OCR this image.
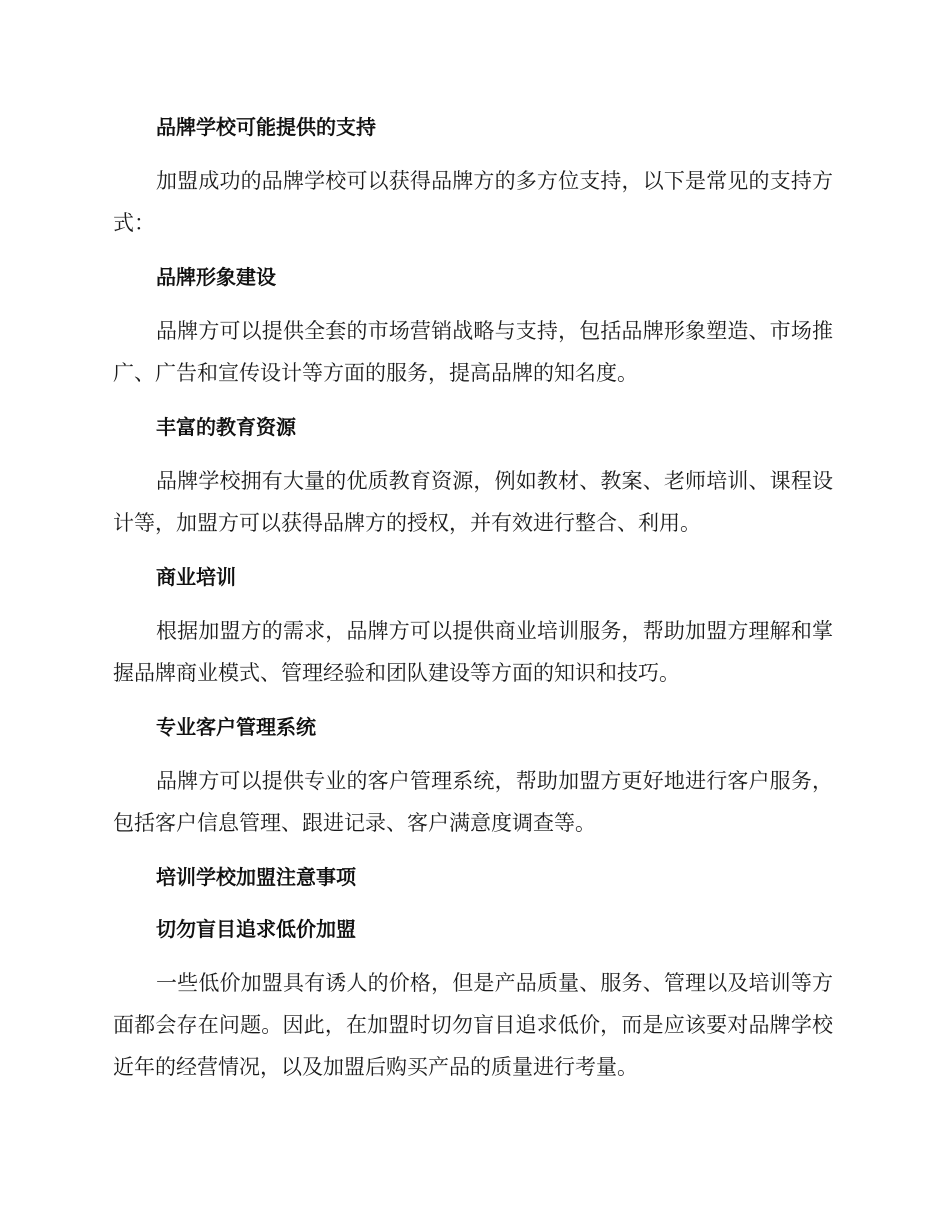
品牌学校可能提供的支持
加盟成功的品牌学校可以获得品牌方的多方位支持，以下是常见的支持方式：
品牌形象建设
品牌方可以提供全套的市场营销战略与支持，包括品牌形象塑造、市场推广、广告和宣传设计等方面的服务，提高品牌的知名度。
丰富的教育资源
品牌学校拥有大量的优质教育资源，例如教材、教案、老师培训、课程设计等，加盟方可以获得品牌方的授权，并有效进行整合、利用。
商业培训
根据加盟方的需求，品牌方可以提供商业培训服务，帮助加盟方理解和掌握品牌商业模式、管理经验和团队建设等方面的知识和技巧。
专业客户管理系统
品牌方可以提供专业的客户管理系统，帮助加盟方更好地进行客户服务，包括客户信息管理、跟进记录、客户满意度调查等。
培训学校加盟注意事项
切勿盲目追求低价加盟
一些低价加盟具有诱人的价格，但是产品质量、服务、管理以及培训等方面都会存在问题。因此，在加盟时切勿盲目追求低价，而是应该要对品牌学校近年的经营情况，以及加盟后购买产品的质量进行考量。
